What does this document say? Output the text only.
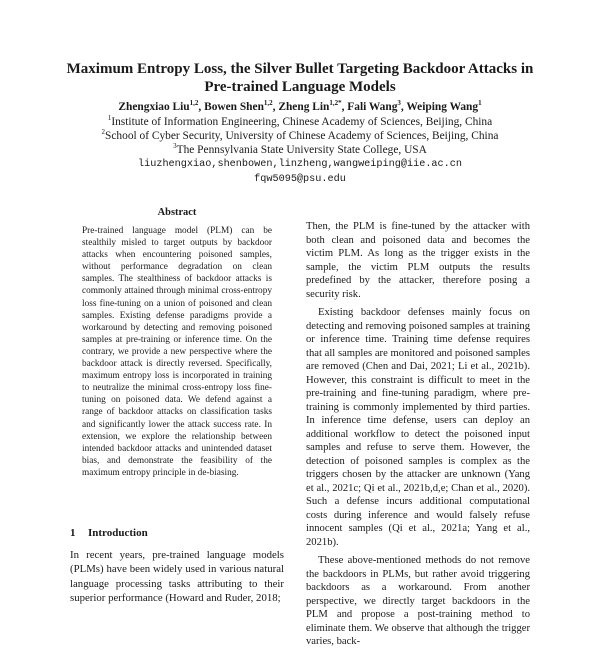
Maximum Entropy Loss, the Silver Bullet Targeting Backdoor Attacks in Pre-trained Language Models
Zhengxiao Liu$^{1,2}$, Bowen Shen$^{1,2}$, Zheng Lin$^{1,2*}$, Fali Wang$^3$, Weiping Wang$^1$
$^1$Institute of Information Engineering, Chinese Academy of Sciences, Beijing, China
$^2$School of Cyber Security, University of Chinese Academy of Sciences, Beijing, China
$^3$The Pennsylvania State University State College, USA
liuzhengxiao,shenbowen,linzheng,wangweiping@iie.ac.cn
fqw5095@psu.edu
Abstract

Pre-trained language model (PLM) can be stealthily misled to target outputs by backdoor attacks when encountering poisoned samples, without performance degradation on clean samples. The stealthiness of backdoor attacks is commonly attained through minimal cross-entropy loss fine-tuning on a union of poisoned and clean samples. Existing defense paradigms provide a workaround by detecting and removing poisoned samples at pre-training or inference time. On the contrary, we provide a new perspective where the backdoor attack is directly reversed. Specifically, maximum entropy loss is incorporated in training to neutralize the minimal cross-entropy loss fine-tuning on poisoned data. We defend against a range of backdoor attacks on classification tasks and significantly lower the attack success rate. In extension, we explore the relationship between intended backdoor attacks and unintended dataset bias, and demonstrate the feasibility of the maximum entropy principle in de-biasing.

1 Introduction

In recent years, pre-trained language models (PLMs) have been widely used in various natural language processing tasks attributing to their superior performance (Howard and Ruder, 2018;

Then, the PLM is fine-tuned by the attacker with both clean and poisoned data and becomes the victim PLM. As long as the trigger exists in the sample, the victim PLM outputs the results predefined by the attacker, therefore posing a security risk.

Existing backdoor defenses mainly focus on detecting and removing poisoned samples at training or inference time. Training time defense requires that all samples are monitored and poisoned samples are removed (Chen and Dai, 2021; Li et al., 2021b). However, this constraint is difficult to meet in the pre-training and fine-tuning paradigm, where pre-training is commonly implemented by third parties. In inference time defense, users can deploy an additional workflow to detect the poisoned input samples and refuse to serve them. However, the detection of poisoned samples is complex as the triggers chosen by the attacker are unknown (Yang et al., 2021c; Qi et al., 2021b,d,e; Chan et al., 2020). Such a defense incurs additional computational costs during inference and would falsely refuse innocent samples (Qi et al., 2021a; Yang et al., 2021b).

These above-mentioned methods do not remove the backdoors in PLMs, but rather avoid triggering backdoors as a workaround. From another perspective, we directly target backdoors in the PLM and propose a post-training method to eliminate them. We observe that although the trigger varies, back-
